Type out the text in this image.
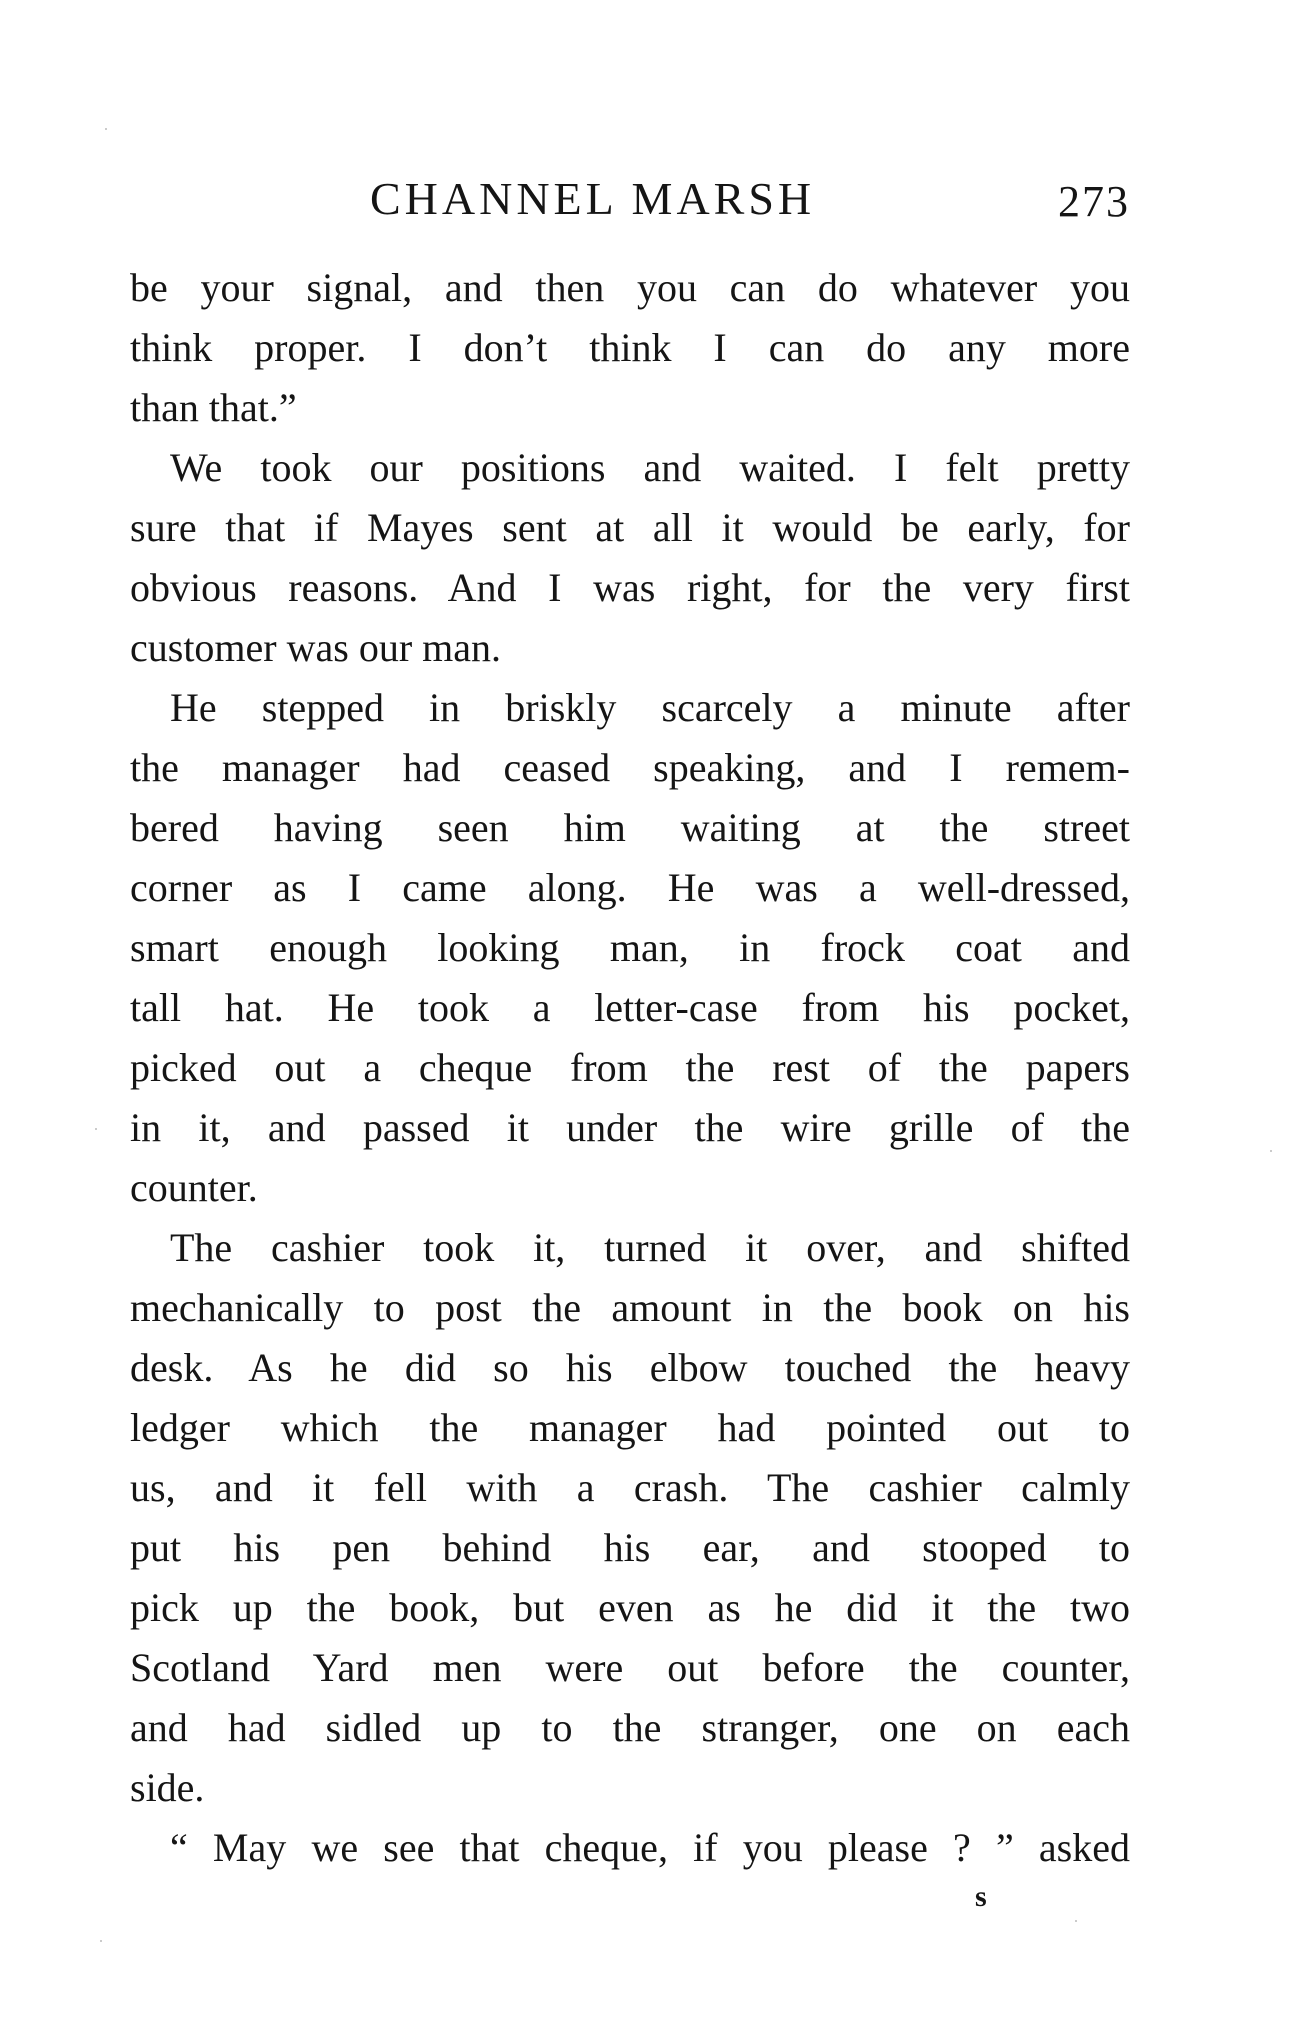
CHANNEL MARSH	273
be your signal, and then you can do whatever you
think proper. I don’t think I can do any more
than that.”
We took our positions and waited. I felt pretty
sure that if Mayes sent at all it would be early, for
obvious reasons. And I was right, for the very first
customer was our man.
He stepped in briskly scarcely a minute after
the manager had ceased speaking, and I remem-
bered having seen him waiting at the street
corner as I came along. He was a well-dressed,
smart enough looking man, in frock coat and
tall hat. He took a letter-case from his pocket,
picked out a cheque from the rest of the papers
in it, and passed it under the wire grille of the
counter.
The cashier took it, turned it over, and shifted
mechanically to post the amount in the book on his
desk. As he did so his elbow touched the heavy
ledger which the manager had pointed out to
us, and it fell with a crash. The cashier calmly
put his pen behind his ear, and stooped to
pick up the book, but even as he did it the two
Scotland Yard men were out before the counter,
and had sidled up to the stranger, one on each
side.
“ May we see that cheque, if you please ? ” asked
s
